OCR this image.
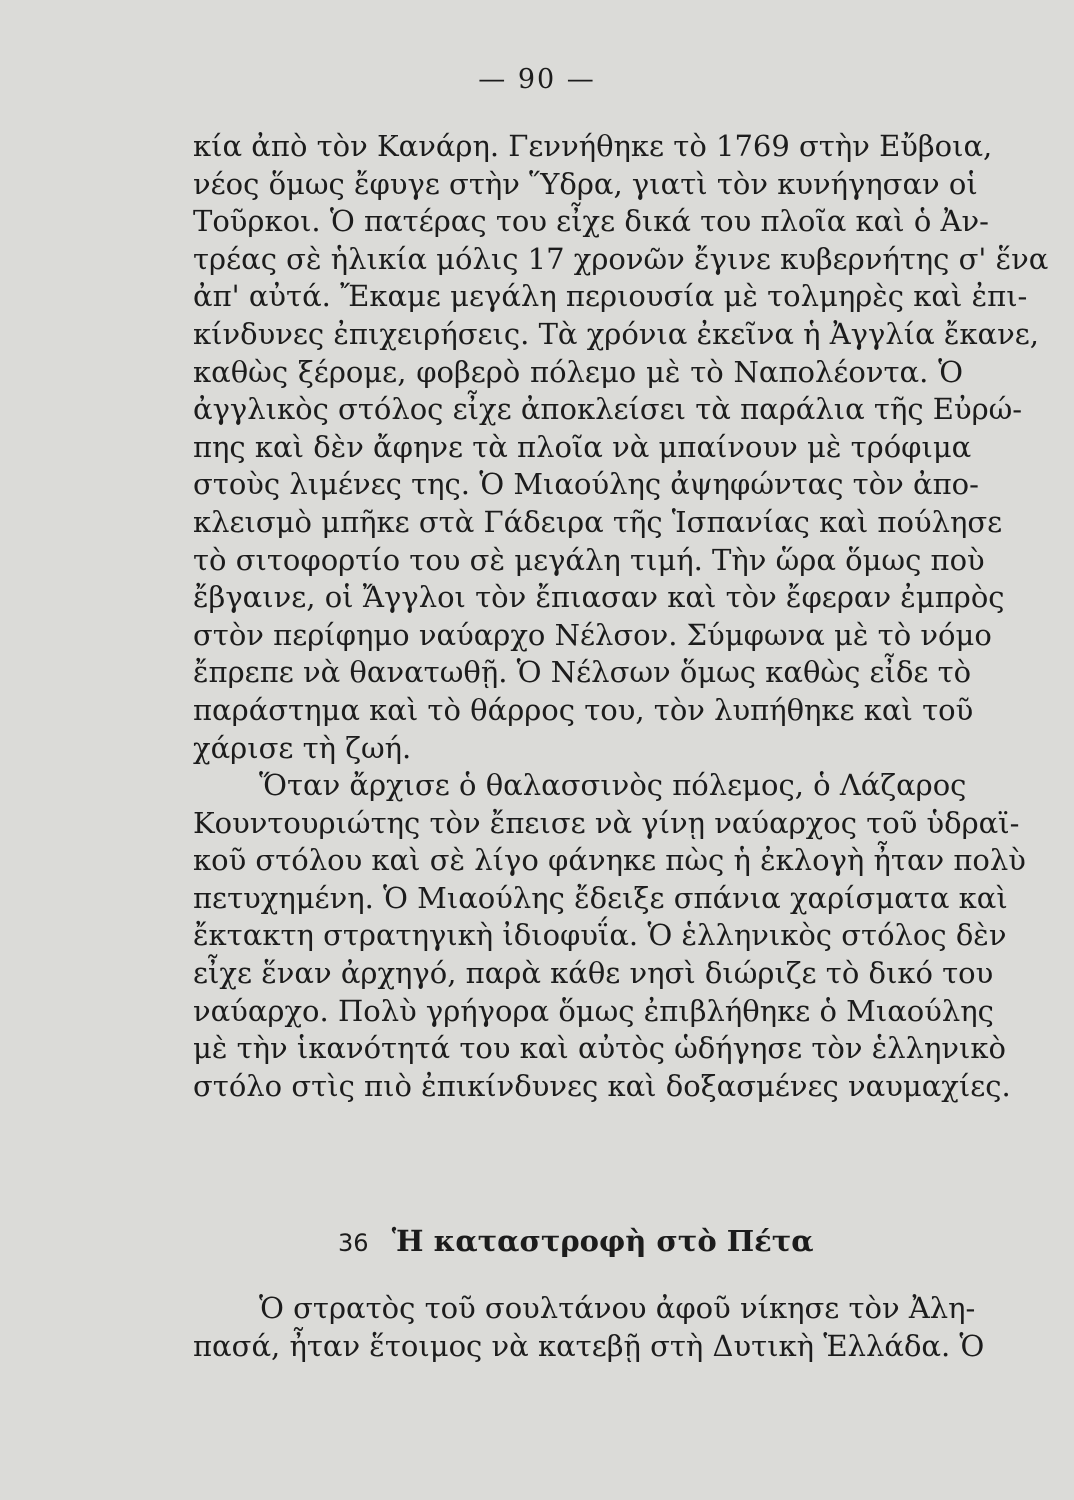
— 90 —
κία ἀπὸ τὸν Κανάρη. Γεννήθηκε τὸ 1769 στὴν Εὔβοια,
νέος ὅμως ἔφυγε στὴν Ὕδρα, γιατὶ τὸν κυνήγησαν οἱ
Τοῦρκοι. Ὁ πατέρας του εἶχε δικά του πλοῖα καὶ ὁ Ἀν-
τρέας σὲ ἡλικία μόλις 17 χρονῶν ἔγινε κυβερνήτης σ' ἕνα
ἀπ' αὐτά. Ἔκαμε μεγάλη περιουσία μὲ τολμηρὲς καὶ ἐπι-
κίνδυνες ἐπιχειρήσεις. Τὰ χρόνια ἐκεῖνα ἡ Ἀγγλία ἔκανε,
καθὼς ξέρομε, φοβερὸ πόλεμο μὲ τὸ Ναπολέοντα. Ὁ
ἀγγλικὸς στόλος εἶχε ἀποκλείσει τὰ παράλια τῆς Εὐρώ-
πης καὶ δὲν ἄφηνε τὰ πλοῖα νὰ μπαίνουν μὲ τρόφιμα
στοὺς λιμένες της. Ὁ Μιαούλης ἀψηφώντας τὸν ἀπο-
κλεισμὸ μπῆκε στὰ Γάδειρα τῆς Ἱσπανίας καὶ πούλησε
τὸ σιτοφορτίο του σὲ μεγάλη τιμή. Τὴν ὥρα ὅμως ποὺ
ἔβγαινε, οἱ Ἄγγλοι τὸν ἔπιασαν καὶ τὸν ἔφεραν ἐμπρὸς
στὸν περίφημο ναύαρχο Νέλσον. Σύμφωνα μὲ τὸ νόμο
ἔπρεπε νὰ θανατωθῇ. Ὁ Νέλσων ὅμως καθὼς εἶδε τὸ
παράστημα καὶ τὸ θάρρος του, τὸν λυπήθηκε καὶ τοῦ
χάρισε τὴ ζωή.
Ὅταν ἄρχισε ὁ θαλασσινὸς πόλεμος, ὁ Λάζαρος
Κουντουριώτης τὸν ἔπεισε νὰ γίνῃ ναύαρχος τοῦ ὑδραϊ-
κοῦ στόλου καὶ σὲ λίγο φάνηκε πὼς ἡ ἐκλογὴ ἦταν πολὺ
πετυχημένη. Ὁ Μιαούλης ἔδειξε σπάνια χαρίσματα καὶ
ἔκτακτη στρατηγικὴ ἰδιοφυΐα. Ὁ ἑλληνικὸς στόλος δὲν
εἶχε ἕναν ἀρχηγό, παρὰ κάθε νησὶ διώριζε τὸ δικό του
ναύαρχο. Πολὺ γρήγορα ὅμως ἐπιβλήθηκε ὁ Μιαούλης
μὲ τὴν ἱκανότητά του καὶ αὐτὸς ὡδήγησε τὸν ἑλληνικὸ
στόλο στὶς πιὸ ἐπικίνδυνες καὶ δοξασμένες ναυμαχίες.
36 Ἡ καταστροφὴ στὸ Πέτα
Ὁ στρατὸς τοῦ σουλτάνου ἀφοῦ νίκησε τὸν Ἀλη-
πασά, ἦταν ἕτοιμος νὰ κατεβῇ στὴ Δυτικὴ Ἑλλάδα. Ὁ
